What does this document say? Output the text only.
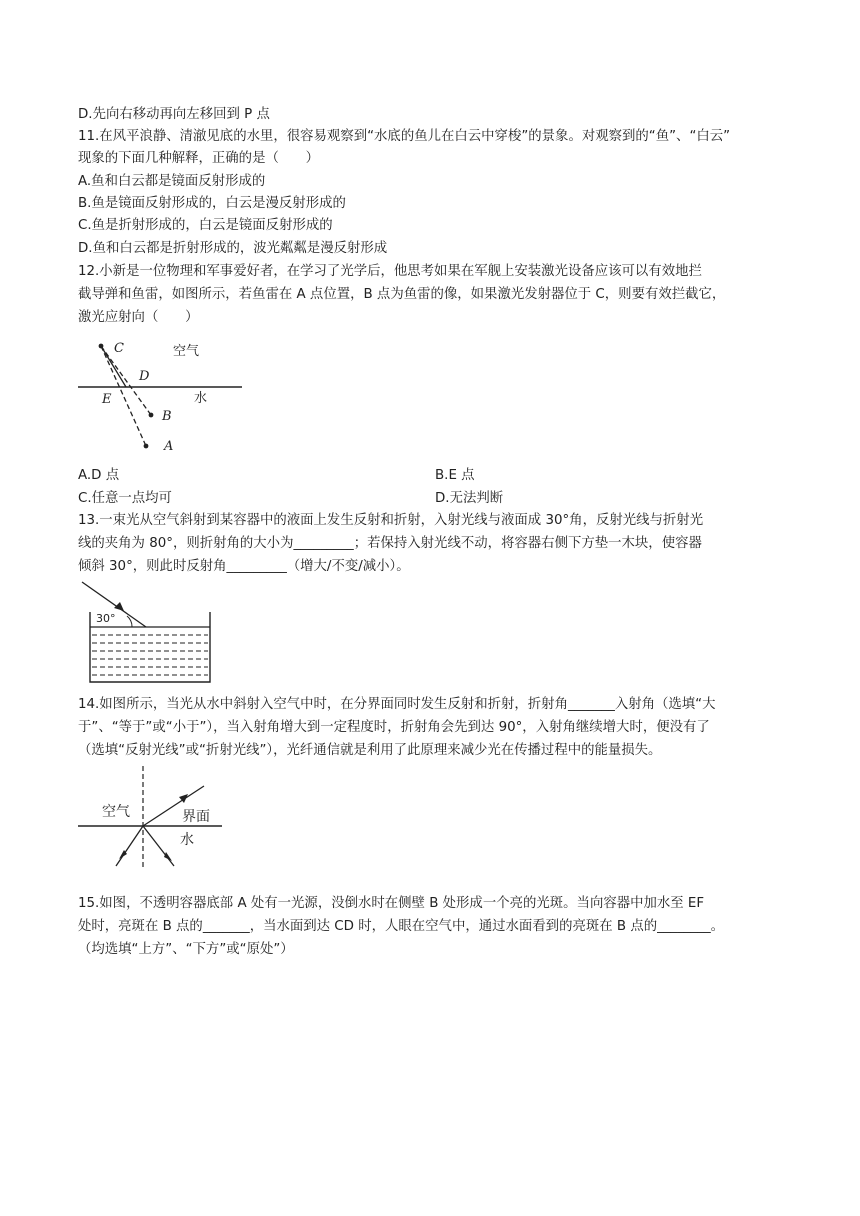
D.先向右移动再向左移回到 P 点
11.在风平浪静、清澈见底的水里，很容易观察到“水底的鱼儿在白云中穿梭”的景象。对观察到的“鱼”、“白云”
现象的下面几种解释，正确的是（　　）
A.鱼和白云都是镜面反射形成的
B.鱼是镜面反射形成的，白云是漫反射形成的
C.鱼是折射形成的，白云是镜面反射形成的
D.鱼和白云都是折射形成的，波光粼粼是漫反射形成
12.小新是一位物理和军事爱好者，在学习了光学后，他思考如果在军舰上安装激光设备应该可以有效地拦
截导弹和鱼雷，如图所示，若鱼雷在 A 点位置，B 点为鱼雷的像，如果激光发射器位于 C，则要有效拦截它，
激光应射向（　　）
C	空气
D
E	水
B
A
A.D 点	B.E 点
C.任意一点均可	D.无法判断
13.一束光从空气斜射到某容器中的液面上发生反射和折射，入射光线与液面成 30°角，反射光线与折射光
线的夹角为 80°，则折射角的大小为_________；若保持入射光线不动，将容器右侧下方垫一木块，使容器
倾斜 30°，则此时反射角_________（增大/不变/减小）。
30°
14.如图所示，当光从水中斜射入空气中时，在分界面同时发生反射和折射，折射角_______入射角（选填“大
于”、“等于”或“小于”），当入射角增大到一定程度时，折射角会先到达 90°，入射角继续增大时，便没有了
（选填“反射光线”或“折射光线”），光纤通信就是利用了此原理来减少光在传播过程中的能量损失。
空气	界面
水
15.如图，不透明容器底部 A 处有一光源，没倒水时在侧壁 B 处形成一个亮的光斑。当向容器中加水至 EF
处时，亮斑在 B 点的_______，当水面到达 CD 时，人眼在空气中，通过水面看到的亮斑在 B 点的________。
（均选填“上方”、“下方”或“原处”）
